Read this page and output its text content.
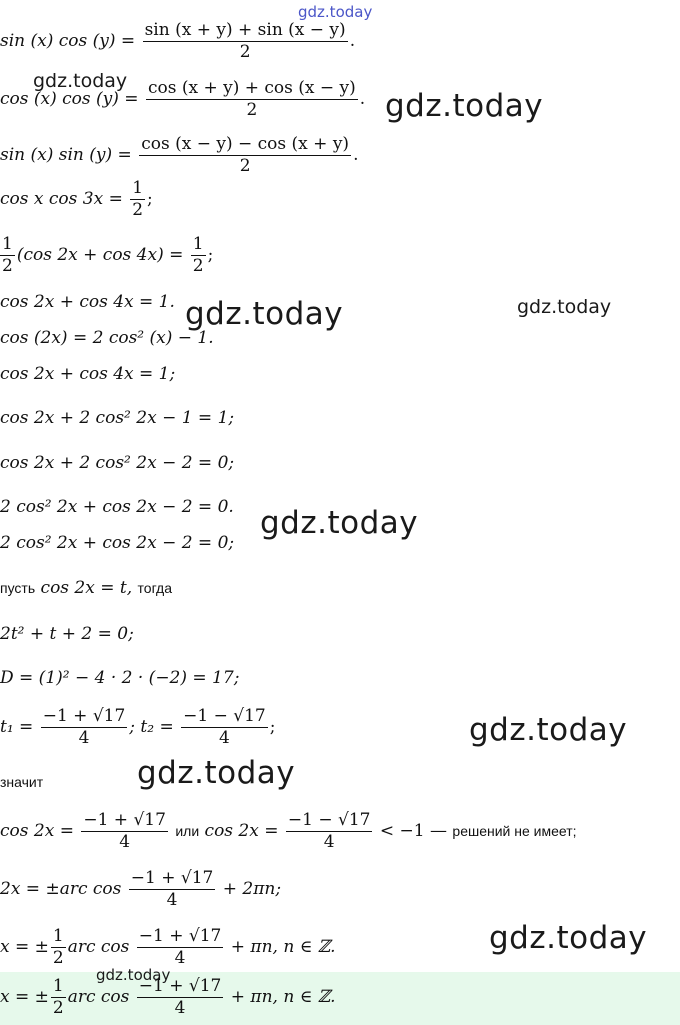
sin (x) $\cos (y) = \frac{\sin (x + y) + \sin (x - y)}{2}$ .
cos (x) $\cos (y) = \frac{\cos (x + y) + \cos (x - y)}{2}$ .
sin (x) $\sin (y) = \frac{\cos (x - y) - \cos (x + y)}{2}$ .
cos x $\cos 3x = \frac{1}{2}$ ;
$\frac{1}{2} (\cos$ $2x + \cos 4x) = \frac{1}{2}$ ;
cos 2x + cos 4x = 1.
cos (2x) = 2 cos² (x) − 1.
cos 2x + cos 4x = 1;
cos 2x + 2 cos² 2x − 1 = 1;
cos 2x + 2 cos² 2x − 2 = 0;
2 cos² 2x + cos 2x − 2 = 0.
2 cos² 2x + cos 2x − 2 = 0;
пусть cos 2x = t, тогда
2t² + t + 2 = 0;
D = (1)² − 4 · 2 · (−2) = 17;
$t_1 = \frac{-1 + √17}{4}$ ; $t_2 = \frac{-1 - √17}{4}$ ;
значит
$\cos 2x = \frac{-1 + √17}{4}$ или $\cos 2x = \frac{-1 - √17}{4} < -1$ — решений не имеет;
2x = ±arc $\cos \frac{-1 + √17}{4} + 2\pi n$;
x = ± $\frac{1}{2}$ arc $\cos \frac{-1 + √17}{4} + \pi n$, n ∈ ℤ.
x = ± $\frac{1}{2}$ arc $\cos \frac{-1 + √17}{4} + \pi n$, n ∈ ℤ.
gdz.today
gdz.today
gdz.today
gdz.today	gdz.today
gdz.today
gdz.today
gdz.today
gdz.today
gdz.today
